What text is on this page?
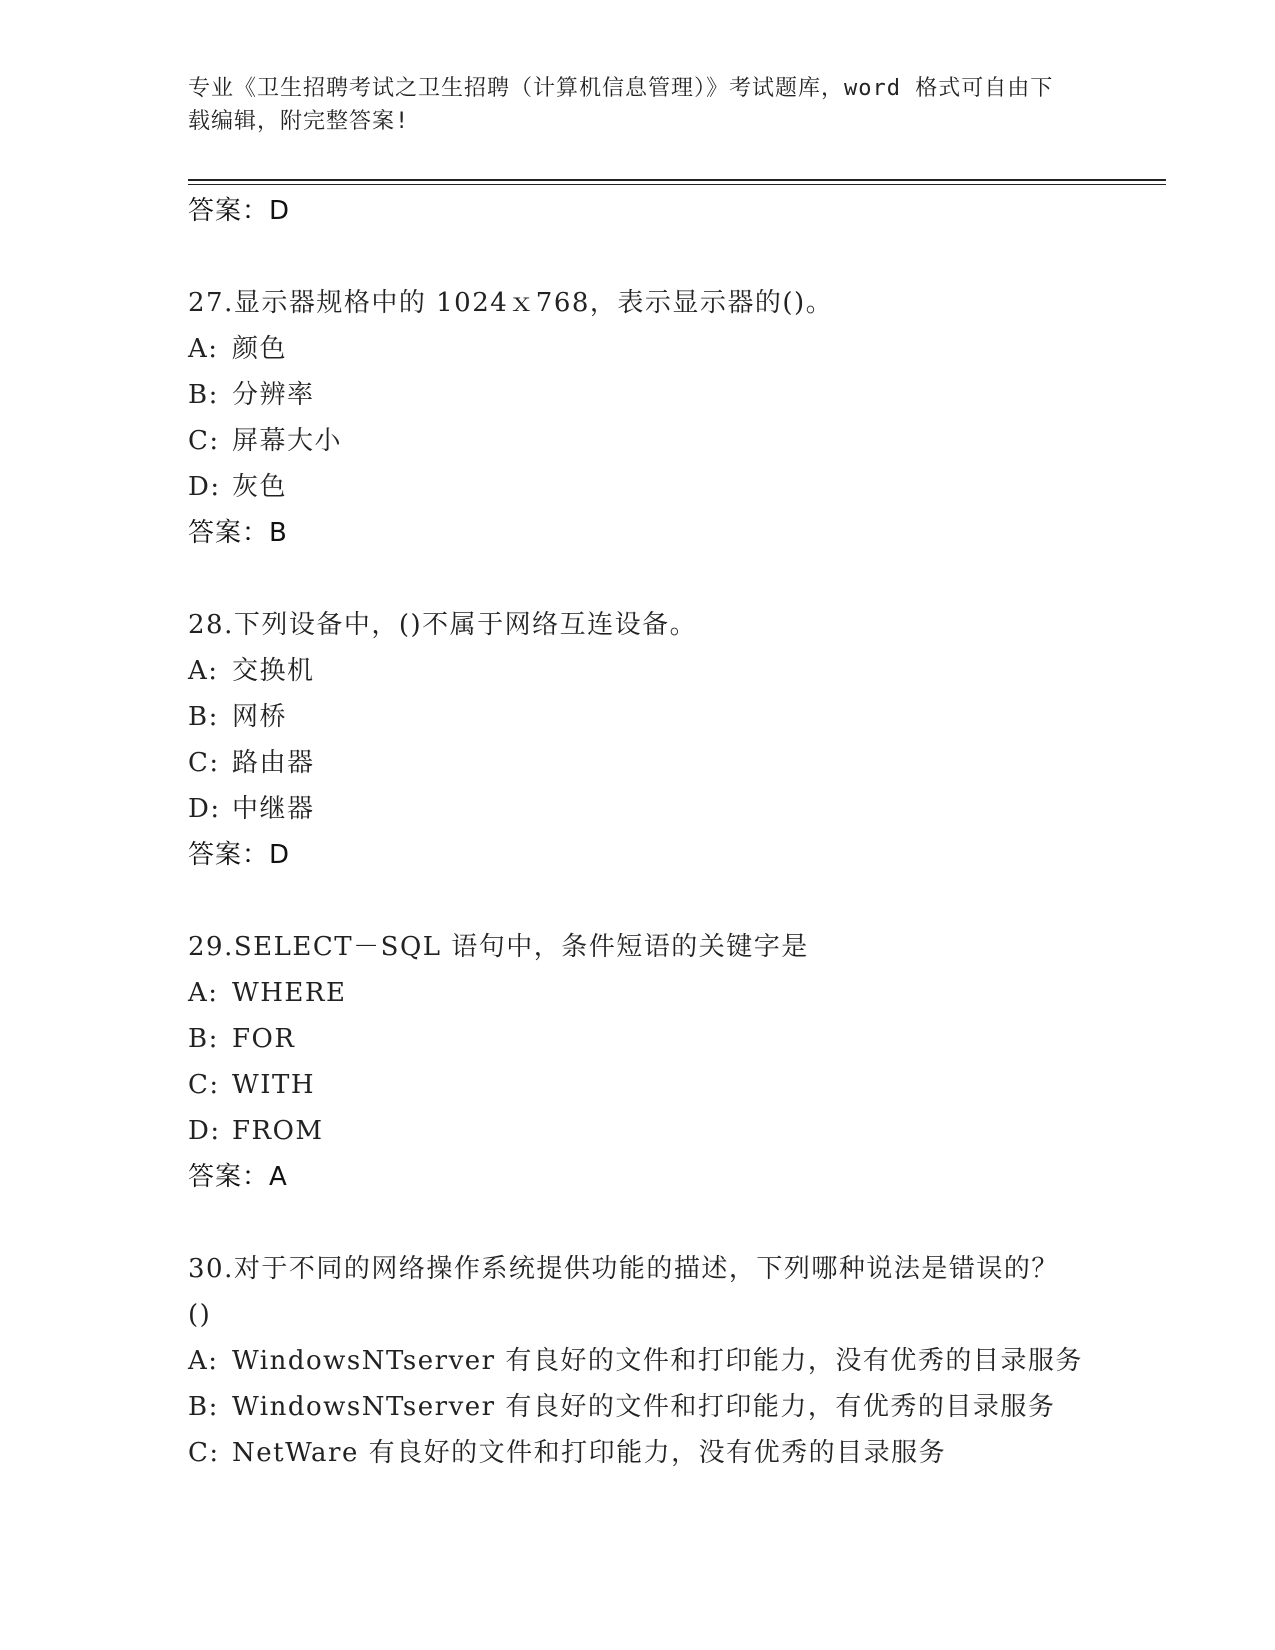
专业《卫生招聘考试之卫生招聘（计算机信息管理）》考试题库，word 格式可自由下载编辑，附完整答案!
答案：D
27.显示器规格中的 1024ｘ768，表示显示器的()。
A: 颜色
B: 分辨率
C: 屏幕大小
D: 灰色
答案：B
28.下列设备中，()不属于网络互连设备。
A: 交换机
B: 网桥
C: 路由器
D: 中继器
答案：D
29.SELECT－SQL 语句中，条件短语的关键字是
A: WHERE
B: FOR
C: WITH
D: FROM
答案：A
30.对于不同的网络操作系统提供功能的描述，下列哪种说法是错误的？()
A: WindowsNTserver 有良好的文件和打印能力，没有优秀的目录服务
B: WindowsNTserver 有良好的文件和打印能力，有优秀的目录服务
C: NetWare 有良好的文件和打印能力，没有优秀的目录服务
